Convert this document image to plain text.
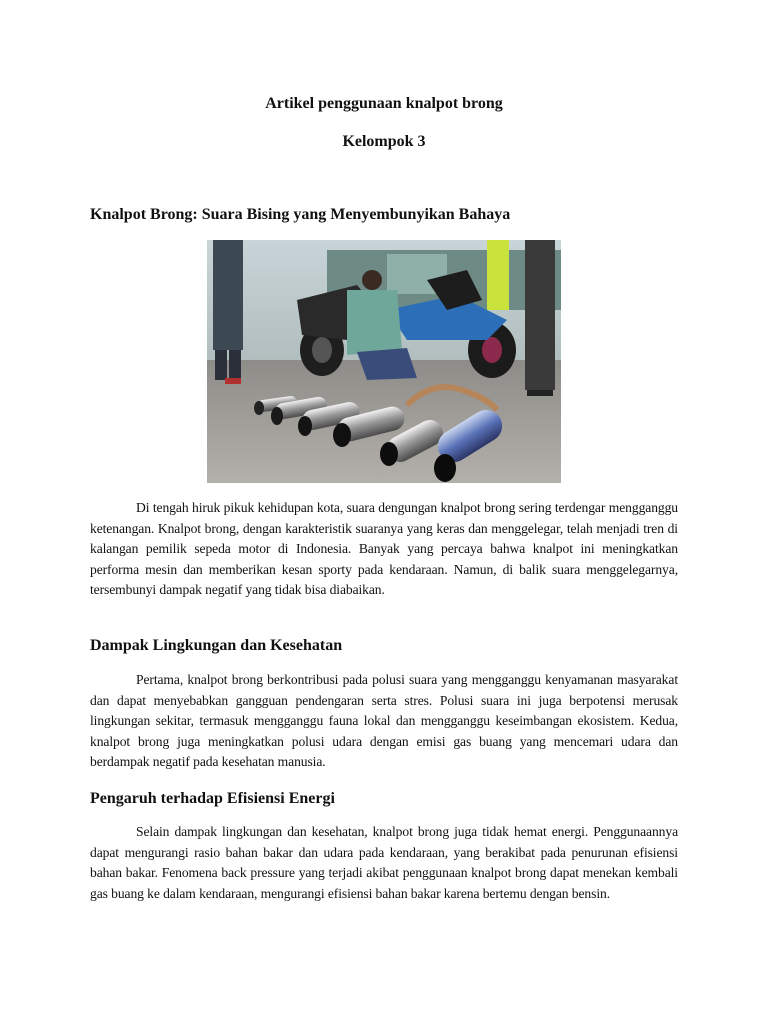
Artikel penggunaan knalpot brong
Kelompok 3
Knalpot Brong: Suara Bising yang Menyembunyikan Bahaya

Di tengah hiruk pikuk kehidupan kota, suara dengungan knalpot brong sering terdengar mengganggu ketenangan. Knalpot brong, dengan karakteristik suaranya yang keras dan menggelegar, telah menjadi tren di kalangan pemilik sepeda motor di Indonesia. Banyak yang percaya bahwa knalpot ini meningkatkan performa mesin dan memberikan kesan sporty pada kendaraan. Namun, di balik suara menggelegarnya, tersembunyi dampak negatif yang tidak bisa diabaikan.

Dampak Lingkungan dan Kesehatan

Pertama, knalpot brong berkontribusi pada polusi suara yang mengganggu kenyamanan masyarakat dan dapat menyebabkan gangguan pendengaran serta stres. Polusi suara ini juga berpotensi merusak lingkungan sekitar, termasuk mengganggu fauna lokal dan mengganggu keseimbangan ekosistem. Kedua, knalpot brong juga meningkatkan polusi udara dengan emisi gas buang yang mencemari udara dan berdampak negatif pada kesehatan manusia.

Pengaruh terhadap Efisiensi Energi

Selain dampak lingkungan dan kesehatan, knalpot brong juga tidak hemat energi. Penggunaannya dapat mengurangi rasio bahan bakar dan udara pada kendaraan, yang berakibat pada penurunan efisiensi bahan bakar. Fenomena back pressure yang terjadi akibat penggunaan knalpot brong dapat menekan kembali gas buang ke dalam kendaraan, mengurangi efisiensi bahan bakar karena bertemu dengan bensin.
